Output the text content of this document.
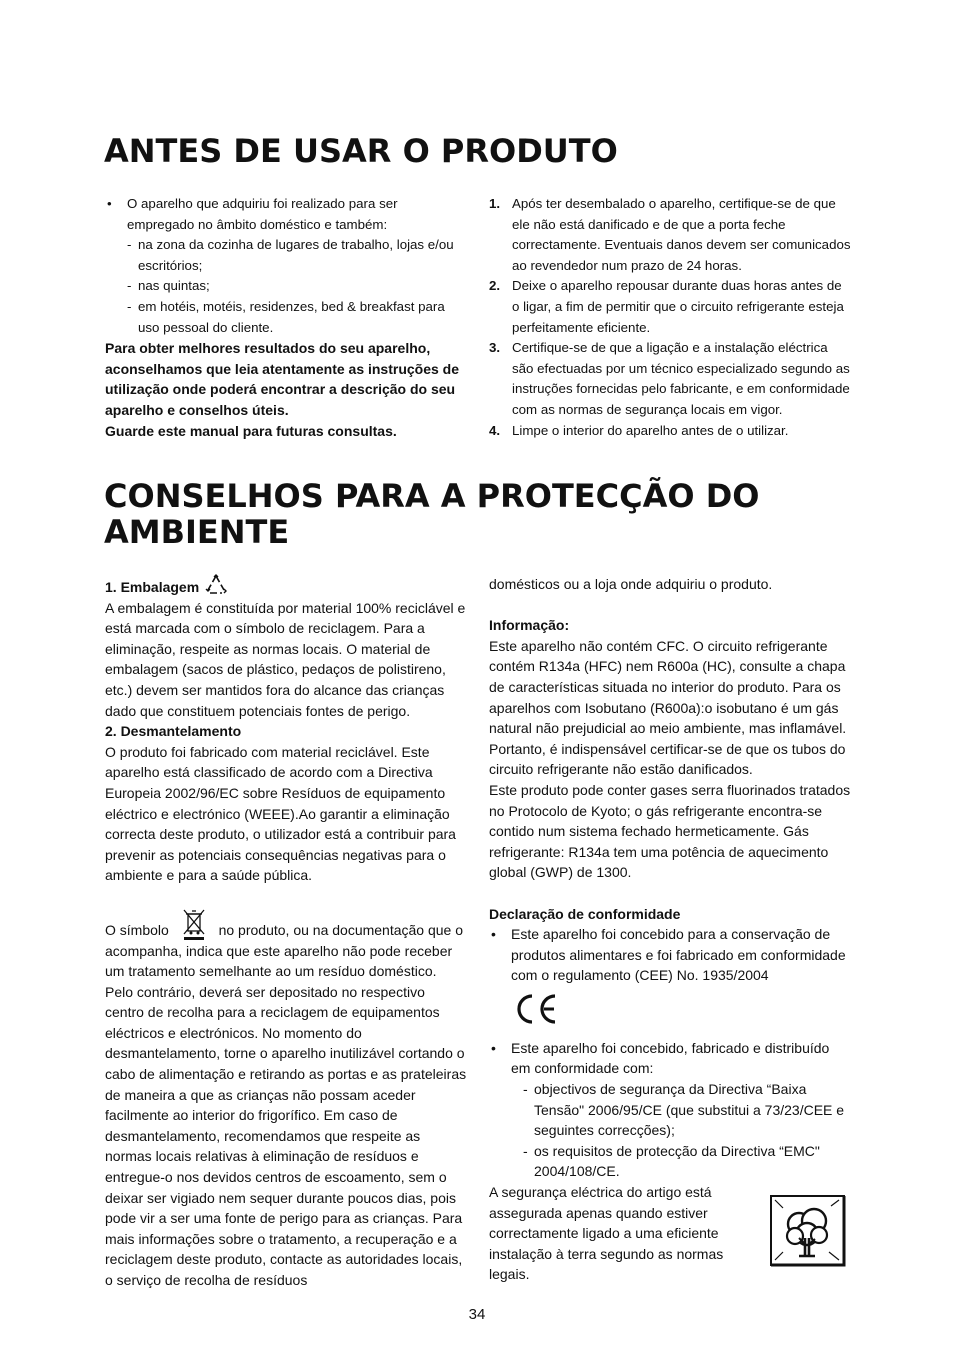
ANTES DE USAR O PRODUTO
• O aparelho que adquiriu foi realizado para ser empregado no âmbito doméstico e também:
- na zona da cozinha de lugares de trabalho, lojas e/ou escritórios;
- nas quintas;
- em hotéis, motéis, residenzes, bed & breakfast para uso pessoal do cliente.

Para obter melhores resultados do seu aparelho, aconselhamos que leia atentamente as instruções de utilização onde poderá encontrar a descrição do seu aparelho e conselhos úteis.

Guarde este manual para futuras consultas.

1. Após ter desembalado o aparelho, certifique-se de que ele não está danificado e de que a porta feche correctamente. Eventuais danos devem ser comunicados ao revendedor num prazo de 24 horas.
2. Deixe o aparelho repousar durante duas horas antes de o ligar, a fim de permitir que o circuito refrigerante esteja perfeitamente eficiente.
3. Certifique-se de que a ligação e a instalação eléctrica são efectuadas por um técnico especializado segundo as instruções fornecidas pelo fabricante, e em conformidade com as normas de segurança locais em vigor.
4. Limpe o interior do aparelho antes de o utilizar.
CONSELHOS PARA A PROTECÇÃO DO
AMBIENTE

1. Embalagem

A embalagem é constituída por material 100% reciclável e está marcada com o símbolo de reciclagem. Para a eliminação, respeite as normas locais. O material de embalagem (sacos de plástico, pedaços de polistireno, etc.) devem ser mantidos fora do alcance das crianças dado que constituem potenciais fontes de perigo.

2. Desmantelamento

O produto foi fabricado com material reciclável. Este aparelho está classificado de acordo com a Directiva Europeia 2002/96/EC sobre Resíduos de equipamento eléctrico e electrónico (WEEE).Ao garantir a eliminação correcta deste produto, o utilizador está a contribuir para prevenir as potenciais consequências negativas para o ambiente e para a saúde pública.

O símbolo	no produto, ou na documentação que o acompanha, indica que este aparelho não pode receber um tratamento semelhante ao um resíduo doméstico. Pelo contrário, deverá ser depositado no respectivo centro de recolha para a reciclagem de equipamentos eléctricos e electrónicos. No momento do desmantelamento, torne o aparelho inutilizável cortando o cabo de alimentação e retirando as portas e as prateleiras de maneira a que as crianças não possam aceder facilmente ao interior do frigorífico. Em caso de desmantelamento, recomendamos que respeite as normas locais relativas à eliminação de resíduos e entregue-o nos devidos centros de escoamento, sem o deixar ser vigiado nem sequer durante poucos dias, pois pode vir a ser uma fonte de perigo para as crianças. Para mais informações sobre o tratamento, a recuperação e a reciclagem deste produto, contacte as autoridades locais, o serviço de recolha de resíduos

domésticos ou a loja onde adquiriu o produto.

Informação:

Este aparelho não contém CFC. O circuito refrigerante contém R134a (HFC) nem R600a (HC), consulte a chapa de características situada no interior do produto. Para os aparelhos com Isobutano (R600a):o isobutano é um gás natural não prejudicial ao meio ambiente, mas inflamável. Portanto, é indispensável certificar-se de que os tubos do circuito refrigerante não estão danificados.

Este produto pode conter gases serra fluorinados tratados no Protocolo de Kyoto; o gás refrigerante encontra-se contido num sistema fechado hermeticamente. Gás refrigerante: R134a tem uma potência de aquecimento global (GWP) de 1300.

Declaração de conformidade

• Este aparelho foi concebido para a conservação de produtos alimentares e foi fabricado em conformidade com o regulamento (CEE) No. 1935/2004
• Este aparelho foi concebido, fabricado e distribuído em conformidade com:
- objectivos de segurança da Directiva “Baixa Tensão" 2006/95/CE (que substitui a 73/23/CEE e seguintes correcções);
- os requisitos de protecção da Directiva “EMC" 2004/108/CE.

A segurança eléctrica do artigo está assegurada apenas quando estiver correctamente ligado a uma eficiente instalação à terra segundo as normas legais.

34
